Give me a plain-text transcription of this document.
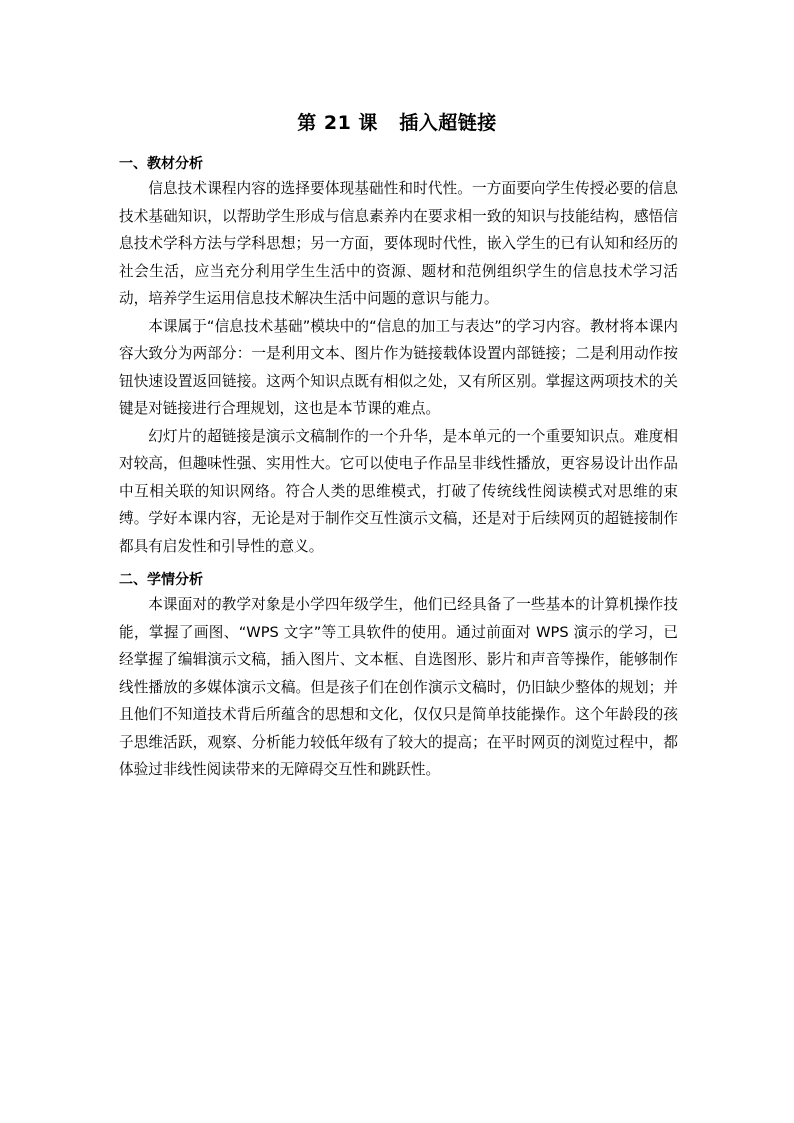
第 21 课   插入超链接
一、教材分析

信息技术课程内容的选择要体现基础性和时代性。一方面要向学生传授必要的信息技术基础知识，以帮助学生形成与信息素养内在要求相一致的知识与技能结构，感悟信息技术学科方法与学科思想；另一方面，要体现时代性，嵌入学生的已有认知和经历的社会生活，应当充分利用学生生活中的资源、题材和范例组织学生的信息技术学习活动，培养学生运用信息技术解决生活中问题的意识与能力。

本课属于“信息技术基础”模块中的“信息的加工与表达”的学习内容。教材将本课内容大致分为两部分：一是利用文本、图片作为链接载体设置内部链接；二是利用动作按钮快速设置返回链接。这两个知识点既有相似之处，又有所区别。掌握这两项技术的关键是对链接进行合理规划，这也是本节课的难点。

幻灯片的超链接是演示文稿制作的一个升华，是本单元的一个重要知识点。难度相对较高，但趣味性强、实用性大。它可以使电子作品呈非线性播放，更容易设计出作品中互相关联的知识网络。符合人类的思维模式，打破了传统线性阅读模式对思维的束缚。学好本课内容，无论是对于制作交互性演示文稿，还是对于后续网页的超链接制作都具有启发性和引导性的意义。

二、学情分析

本课面对的教学对象是小学四年级学生，他们已经具备了一些基本的计算机操作技能，掌握了画图、“WPS 文字”等工具软件的使用。通过前面对 WPS 演示的学习，已经掌握了编辑演示文稿，插入图片、文本框、自选图形、影片和声音等操作，能够制作线性播放的多媒体演示文稿。但是孩子们在创作演示文稿时，仍旧缺少整体的规划；并且他们不知道技术背后所蕴含的思想和文化，仅仅只是简单技能操作。这个年龄段的孩子思维活跃，观察、分析能力较低年级有了较大的提高；在平时网页的浏览过程中，都体验过非线性阅读带来的无障碍交互性和跳跃性。
